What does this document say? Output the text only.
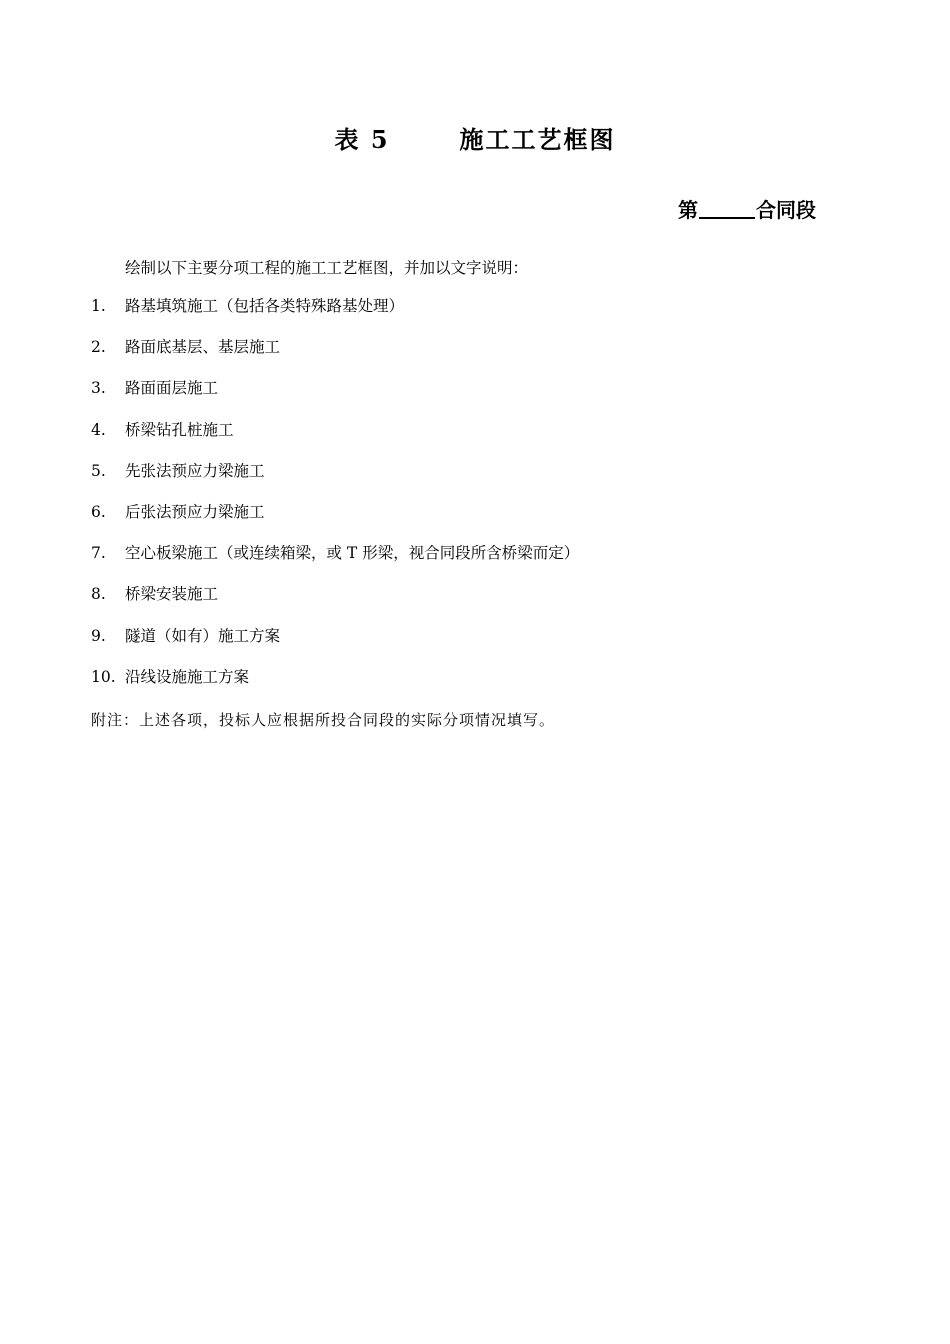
表 5	施工工艺框图
第	合同段
绘制以下主要分项工程的施工工艺框图，并加以文字说明：
1. 路基填筑施工（包括各类特殊路基处理）
2. 路面底基层、基层施工
3. 路面面层施工
4. 桥梁钻孔桩施工
5. 先张法预应力梁施工
6. 后张法预应力梁施工
7. 空心板梁施工（或连续箱梁，或 T 形梁，视合同段所含桥梁而定）
8. 桥梁安装施工
9. 隧道（如有）施工方案
10. 沿线设施施工方案
附注：上述各项，投标人应根据所投合同段的实际分项情况填写。
